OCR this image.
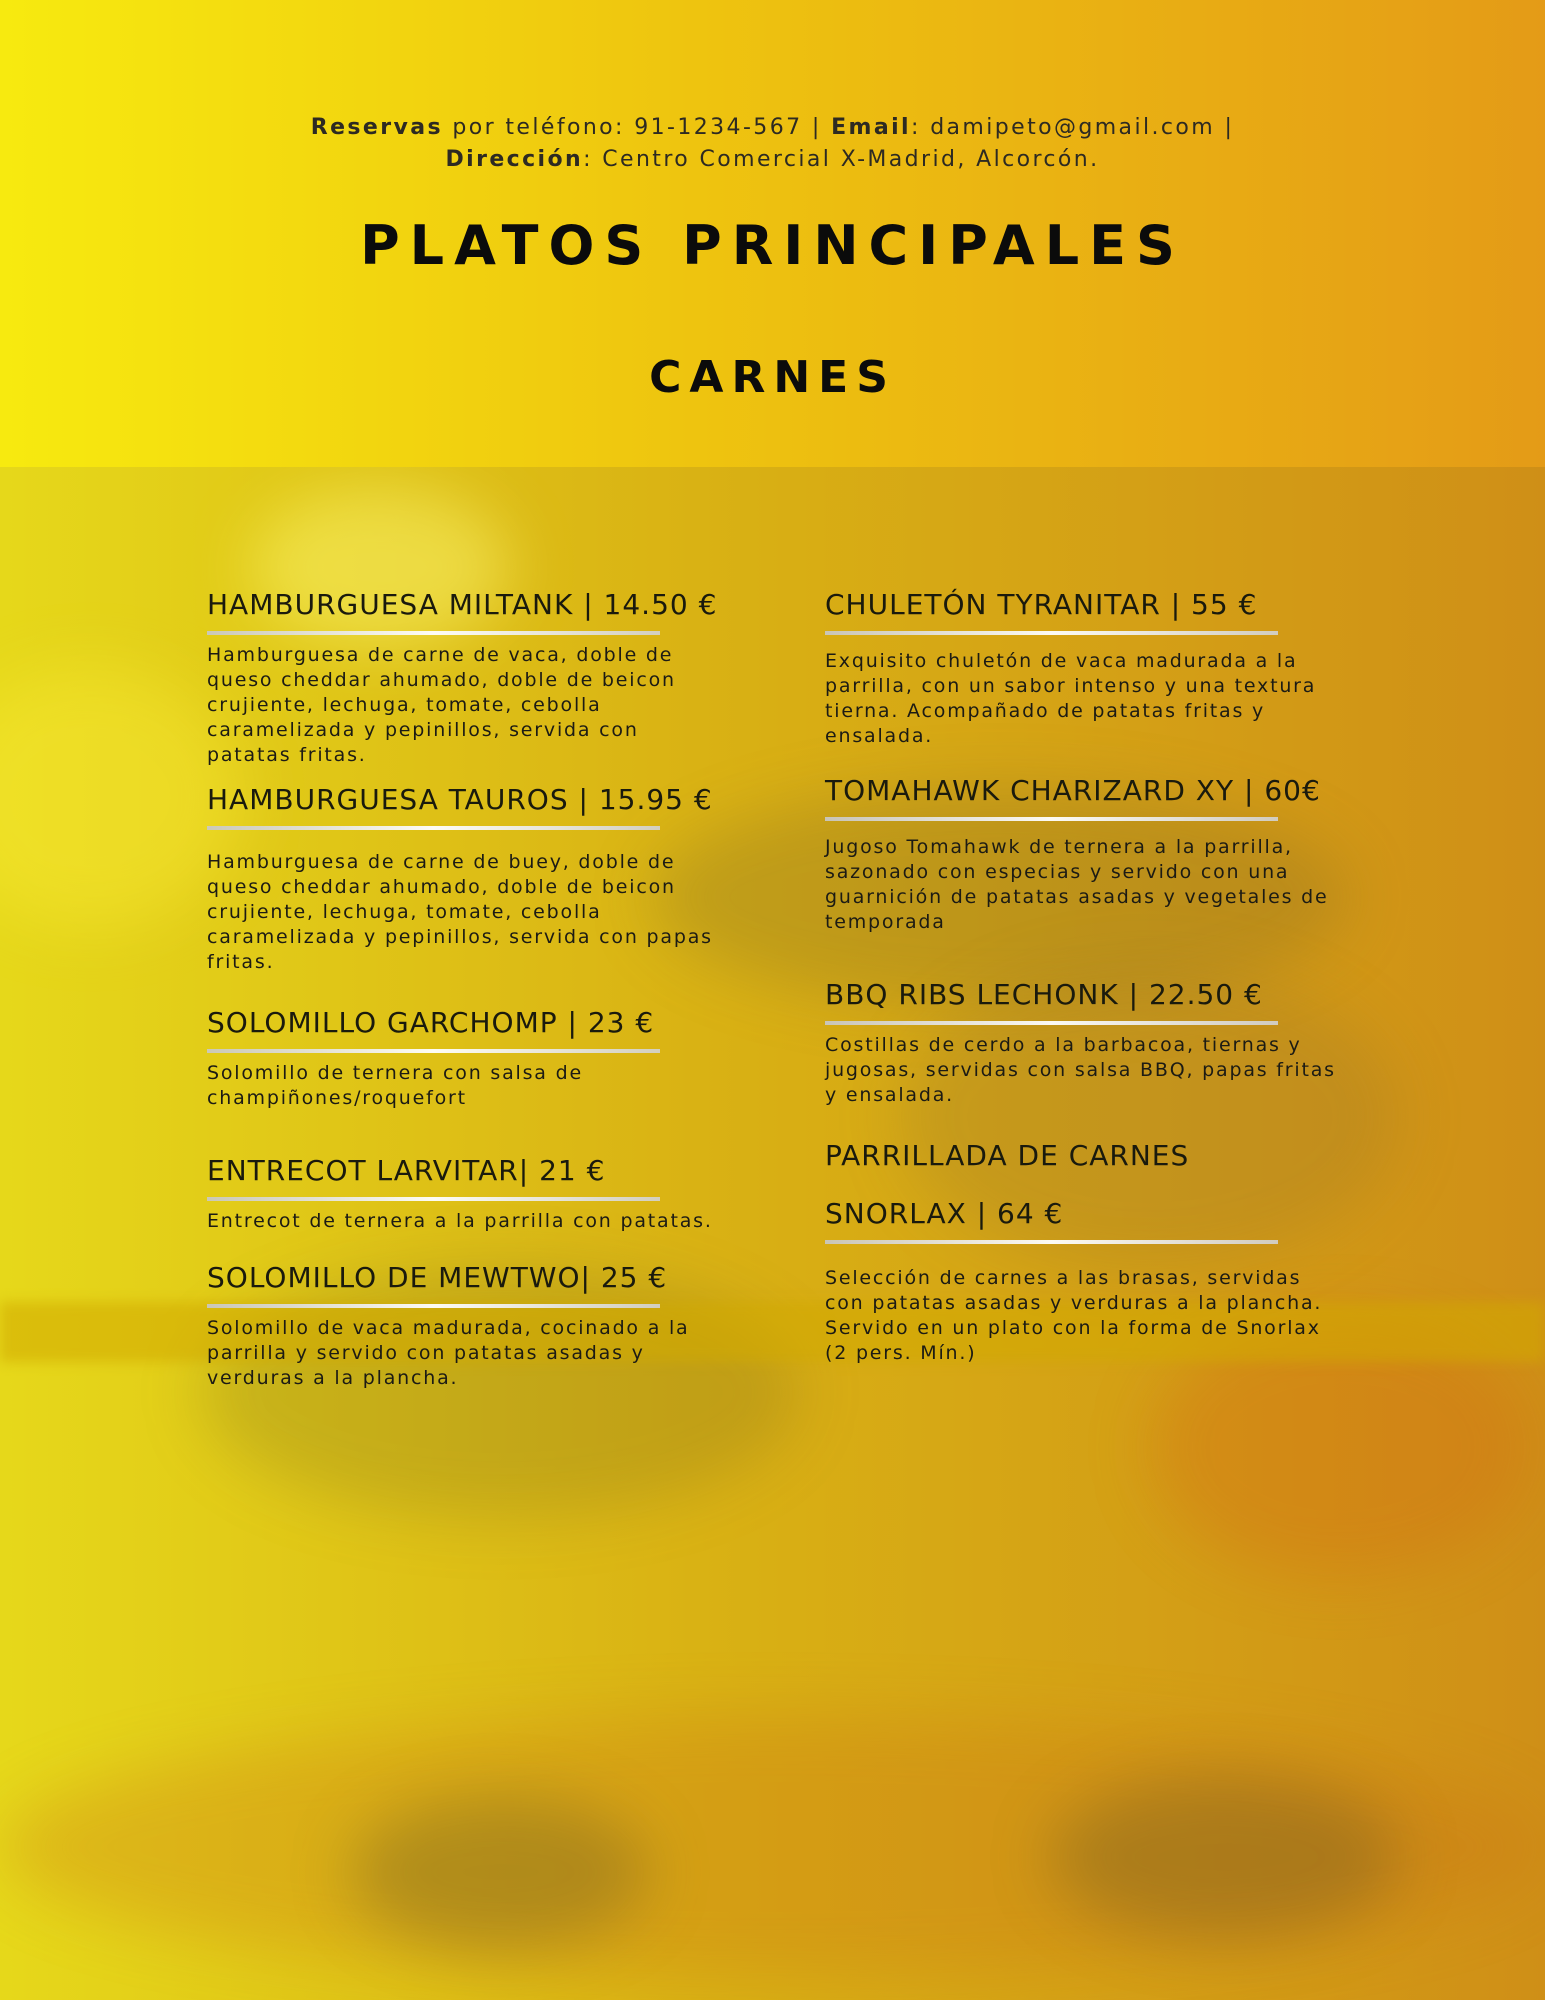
Reservas por teléfono: 91-1234-567 | Email: damipeto@gmail.com |
Dirección: Centro Comercial X-Madrid, Alcorcón.
PLATOS PRINCIPALES
CARNES
HAMBURGUESA MILTANK | 14.50 €
Hamburguesa de carne de vaca, doble de queso cheddar ahumado, doble de beicon crujiente, lechuga, tomate, cebolla caramelizada y pepinillos, servida con patatas fritas.
HAMBURGUESA TAUROS | 15.95 €
Hamburguesa de carne de buey, doble de queso cheddar ahumado, doble de beicon crujiente, lechuga, tomate, cebolla caramelizada y pepinillos, servida con papas fritas.
SOLOMILLO GARCHOMP | 23 €
Solomillo de ternera con salsa de champiñones/roquefort
ENTRECOT LARVITAR| 21 €
Entrecot de ternera a la parrilla con patatas.
SOLOMILLO DE MEWTWO| 25 €
Solomillo de vaca madurada, cocinado a la parrilla y servido con patatas asadas y verduras a la plancha.
CHULETÓN TYRANITAR | 55 €
Exquisito chuletón de vaca madurada a la parrilla, con un sabor intenso y una textura tierna. Acompañado de patatas fritas y ensalada.
TOMAHAWK CHARIZARD XY | 60€
Jugoso Tomahawk de ternera a la parrilla, sazonado con especias y servido con una guarnición de patatas asadas y vegetales de temporada
BBQ RIBS LECHONK | 22.50 €
Costillas de cerdo a la barbacoa, tiernas y jugosas, servidas con salsa BBQ, papas fritas y ensalada.
PARRILLADA DE CARNES
SNORLAX | 64 €
Selección de carnes a las brasas, servidas con patatas asadas y verduras a la plancha. Servido en un plato con la forma de Snorlax (2 pers. Mín.)
